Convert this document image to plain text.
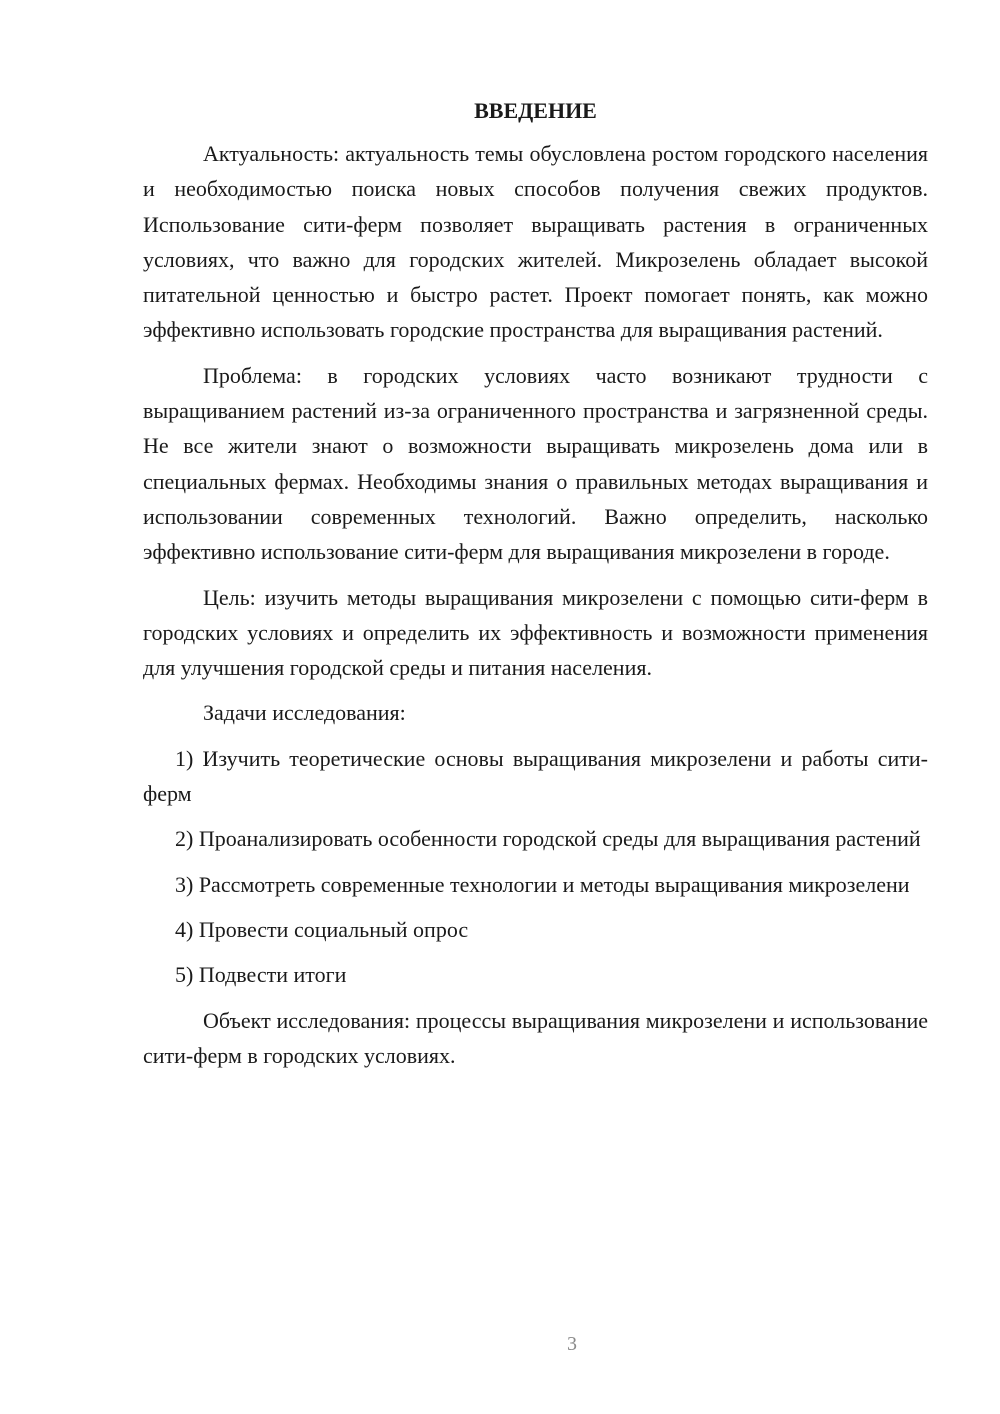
ВВЕДЕНИЕ

Актуальность: актуальность темы обусловлена ростом городского населения и необходимостью поиска новых способов получения свежих продуктов. Использование сити-ферм позволяет выращивать растения в ограниченных условиях, что важно для городских жителей. Микрозелень обладает высокой питательной ценностью и быстро растет. Проект помогает понять, как можно эффективно использовать городские пространства для выращивания растений.

Проблема: в городских условиях часто возникают трудности с выращиванием растений из-за ограниченного пространства и загрязненной среды. Не все жители знают о возможности выращивать микрозелень дома или в специальных фермах. Необходимы знания о правильных методах выращивания и использовании современных технологий. Важно определить, насколько эффективно использование сити-ферм для выращивания микрозелени в городе.

Цель: изучить методы выращивания микрозелени с помощью сити-ферм в городских условиях и определить их эффективность и возможности применения для улучшения городской среды и питания населения.

Задачи исследования:

1) Изучить теоретические основы выращивания микрозелени и работы сити-ферм

2) Проанализировать особенности городской среды для выращивания растений

3) Рассмотреть современные технологии и методы выращивания микрозелени

4) Провести социальный опрос

5) Подвести итоги

Объект исследования: процессы выращивания микрозелени и использование сити-ферм в городских условиях.

3
